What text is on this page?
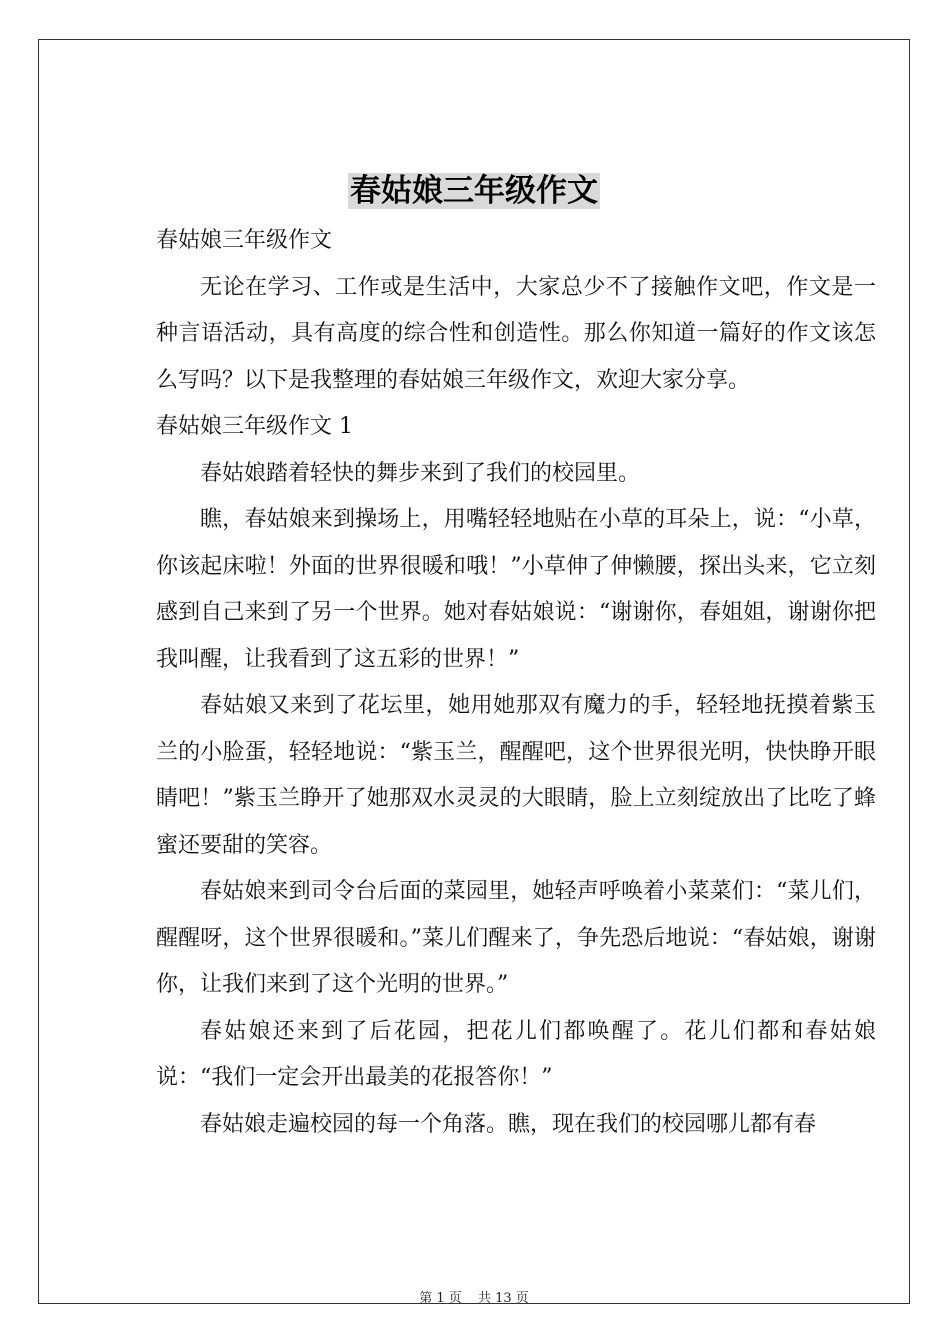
春姑娘三年级作文

春姑娘三年级作文

无论在学习、工作或是生活中，大家总少不了接触作文吧，作文是一种言语活动，具有高度的综合性和创造性。那么你知道一篇好的作文该怎么写吗？以下是我整理的春姑娘三年级作文，欢迎大家分享。

春姑娘三年级作文 1

春姑娘踏着轻快的舞步来到了我们的校园里。

瞧，春姑娘来到操场上，用嘴轻轻地贴在小草的耳朵上，说：“小草，你该起床啦！外面的世界很暖和哦！”小草伸了伸懒腰，探出头来，它立刻感到自己来到了另一个世界。她对春姑娘说：“谢谢你，春姐姐，谢谢你把我叫醒，让我看到了这五彩的世界！”

春姑娘又来到了花坛里，她用她那双有魔力的手，轻轻地抚摸着紫玉兰的小脸蛋，轻轻地说：“紫玉兰，醒醒吧，这个世界很光明，快快睁开眼睛吧！”紫玉兰睁开了她那双水灵灵的大眼睛，脸上立刻绽放出了比吃了蜂蜜还要甜的笑容。

春姑娘来到司令台后面的菜园里，她轻声呼唤着小菜菜们：“菜儿们，醒醒呀，这个世界很暖和。”菜儿们醒来了，争先恐后地说：“春姑娘，谢谢你，让我们来到了这个光明的世界。”

春姑娘还来到了后花园，把花儿们都唤醒了。花儿们都和春姑娘说：“我们一定会开出最美的花报答你！”

春姑娘走遍校园的每一个角落。瞧，现在我们的校园哪儿都有春

第 1 页 共 13 页
